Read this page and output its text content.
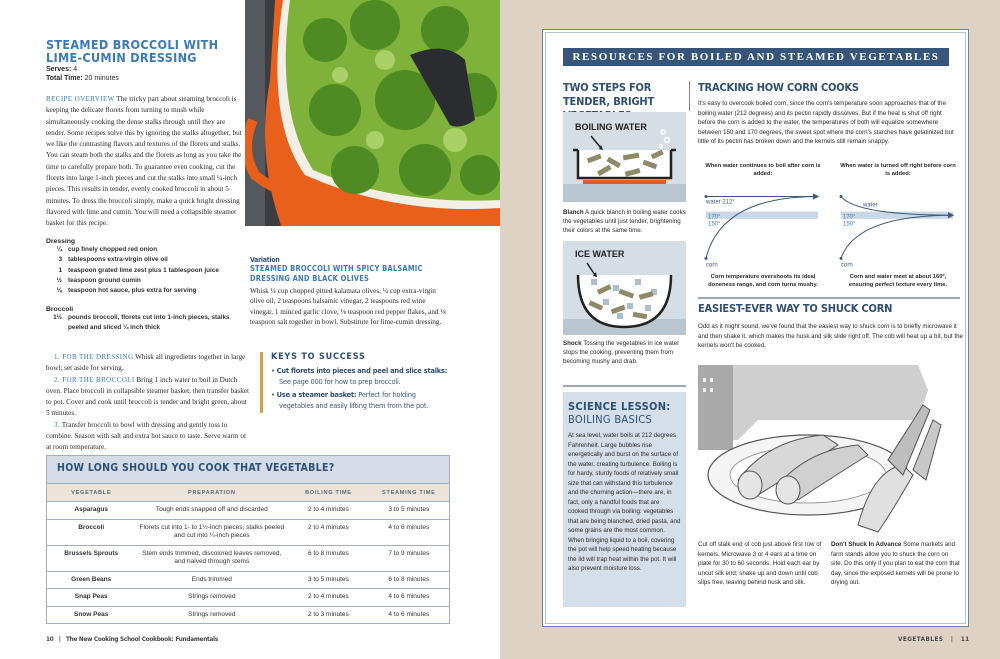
STEAMED BROCCOLI WITH LIME-CUMIN DRESSING
Serves: 4
Total Time: 20 minutes
RECIPE OVERVIEW The tricky part about steaming broccoli is keeping the delicate florets from turning to mush while simultaneously cooking the dense stalks through until they are tender. Some recipes solve this by ignoring the stalks altogether, but we like the contrasting flavors and textures of the florets and stalks. You can steam both the stalks and the florets as long as you take the time to carefully prepare both. To guarantee even cooking, cut the florets into large 1-inch pieces and cut the stalks into small ¼-inch pieces. This results in tender, evenly cooked broccoli in about 5 minutes. To dress the broccoli simply, make a quick bright dressing flavored with lime and cumin. You will need a collapsible steamer basket for this recipe.
Dressing
¼ cup finely chopped red onion
3 tablespoons extra-virgin olive oil
1 teaspoon grated lime zest plus 1 tablespoon juice
½ teaspoon ground cumin
⅛ teaspoon hot sauce, plus extra for serving
Broccoli
1½ pounds broccoli, florets cut into 1-inch pieces, stalks peeled and sliced ¼ inch thick

1. FOR THE DRESSING Whisk all ingredients together in large bowl; set aside for serving.

2. FOR THE BROCCOLI Bring 1 inch water to boil in Dutch oven. Place broccoli in collapsible steamer basket, then transfer basket to pot. Cover and cook until broccoli is tender and bright green, about 5 minutes.

3. Transfer broccoli to bowl with dressing and gently toss to combine. Season with salt and extra hot sauce to taste. Serve warm or at room temperature.

Variation
STEAMED BROCCOLI WITH SPICY BALSAMIC DRESSING AND BLACK OLIVES
Whisk ¼ cup chopped pitted kalamata olives, ¼ cup extra-virgin olive oil, 2 teaspoons balsamic vinegar, 2 teaspoons red wine vinegar, 1 minced garlic clove, ⅛ teaspoon red pepper flakes, and ⅛ teaspoon salt together in bowl. Substitute for lime-cumin dressing.
KEYS TO SUCCESS
• Cut florets into pieces and peel and slice stalks: See page 000 for how to prep broccoli.
• Use a steamer basket: Perfect for holding vegetables and easily lifting them from the pot.
HOW LONG SHOULD YOU COOK THAT VEGETABLE?
VEGETABLE	PREPARATION	BOILING TIME	STEAMING TIME
Asparagus	Tough ends snapped off and discarded	2 to 4 minutes	3 to 5 minutes
Broccoli	Florets cut into 1- to 1½-inch pieces, stalks peeled and cut into ¼-inch pieces	2 to 4 minutes	4 to 6 minutes
Brussels Sprouts	Stem ends trimmed, discolored leaves removed, and halved through stems	6 to 8 minutes	7 to 9 minutes
Green Beans	Ends trimmed	3 to 5 minutes	6 to 8 minutes
Snap Peas	Strings removed	2 to 4 minutes	4 to 6 minutes
Snow Peas	Strings removed	2 to 3 minutes	4 to 6 minutes
10 | The New Cooking School Cookbook: Fundamentals
RESOURCES FOR BOILED AND STEAMED VEGETABLES
TWO STEPS FOR TENDER, BRIGHT
BOILING WATER
Blanch A quick blanch in boiling water cooks the vegetables until just tender, brightening their colors at the same time.
ICE WATER
Shock Tossing the vegetables in ice water stops the cooking, preventing them from becoming mushy and drab.
SCIENCE LESSON:
BOILING BASICS
At sea level, water boils at 212 degrees Fahrenheit. Large bubbles rise energetically and burst on the surface of the water, creating turbulence. Boiling is for hardy, sturdy foods of relatively small size that can withstand this turbulence and the churning action—there are, in fact, only a handful foods that are cooked through via boiling: vegetables that are being blanched, dried pasta, and some grains are the most common. When bringing liquid to a boil, covering the pot will help speed heating because the lid will trap heat within the pot. It will also prevent moisture loss.
TRACKING HOW CORN COOKS
It's easy to overcook boiled corn, since the corn's temperature soon approaches that of the boiling water (212 degrees) and its pectin rapidly dissolves. But if the heat is shut off right before the corn is added to the water, the temperatures of both will equalize somewhere between 150 and 170 degrees, the sweet spot where the corn's starches have gelatinized but little of its pectin has broken down and the kernels still remain snappy.
When water continues to boil after corn is added:
170°
150°
water 212°
corn
Corn temperature overshoots its ideal doneness range, and corn turns mushy.
When water is turned off right before corn is added:
170°
150°
water
corn
Corn and water meet at about 160°, ensuring perfect texture every time.
EASIEST-EVER WAY TO SHUCK CORN
Odd as it might sound, we've found that the easiest way to shuck corn is to briefly microwave it and then shake it, which makes the husk and silk slide right off. The cob will heat up a bit, but the kernels won't be cooked.
Cut off stalk end of cob just above first row of kernels. Microwave 3 or 4 ears at a time on plate for 30 to 60 seconds. Hold each ear by uncut silk end; shake up and down until cob slips free, leaving behind husk and silk.
Don't Shuck In Advance Some markets and farm stands allow you to shuck the corn on site. Do this only if you plan to eat the corn that day, since the exposed kernels will be prone to drying out.
VEGETABLES | 11
